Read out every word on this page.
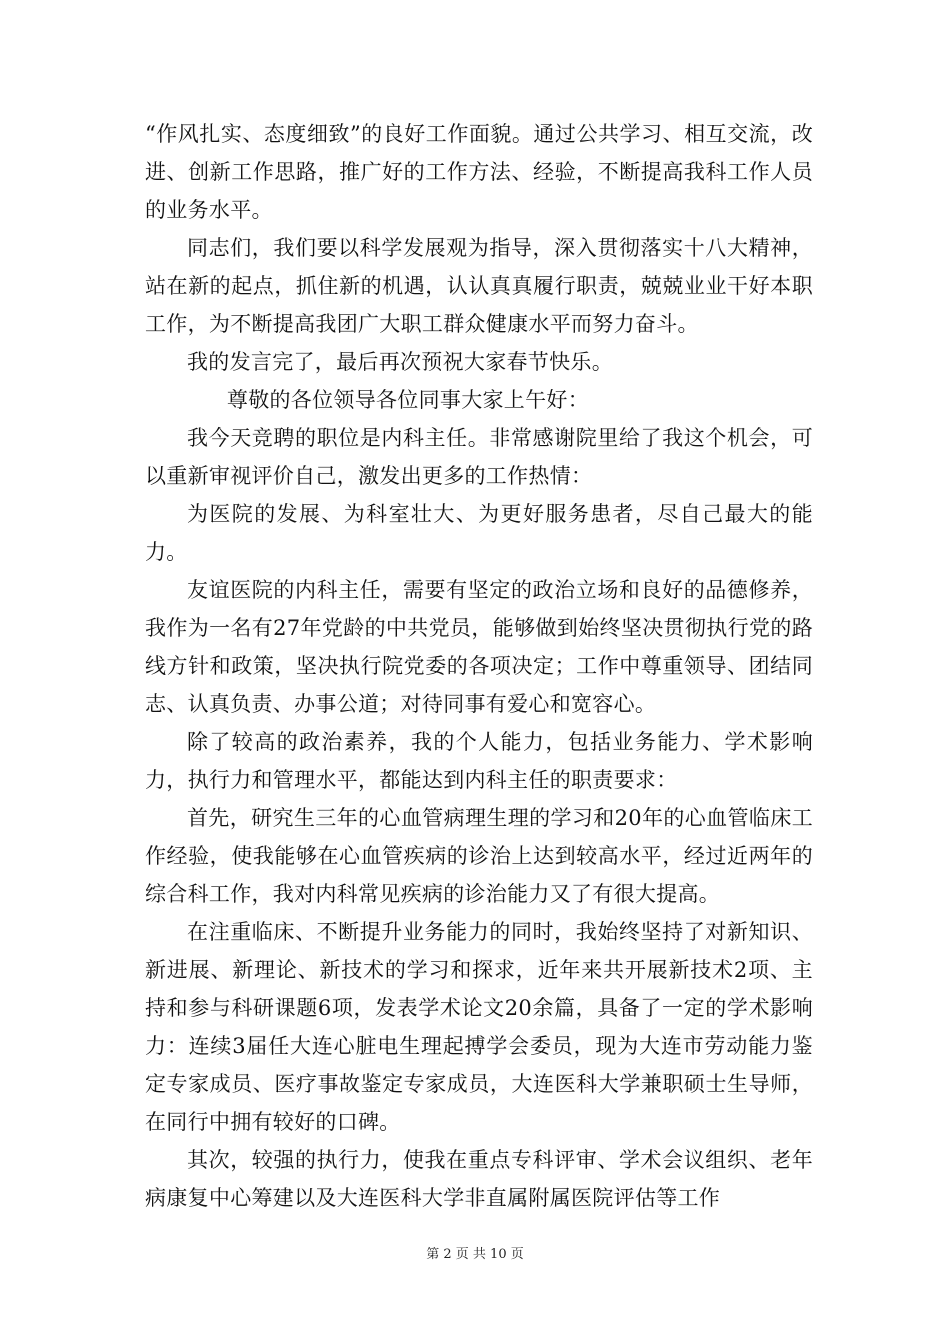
“作风扎实、态度细致”的良好工作面貌。通过公共学习、相互交流，改进、创新工作思路，推广好的工作方法、经验，不断提高我科工作人员的业务水平。

同志们，我们要以科学发展观为指导，深入贯彻落实十八大精神，站在新的起点，抓住新的机遇，认认真真履行职责，兢兢业业干好本职工作，为不断提高我团广大职工群众健康水平而努力奋斗。

我的发言完了，最后再次预祝大家春节快乐。

尊敬的各位领导各位同事大家上午好：

我今天竞聘的职位是内科主任。非常感谢院里给了我这个机会，可以重新审视评价自己，激发出更多的工作热情：

为医院的发展、为科室壮大、为更好服务患者，尽自己最大的能力。

友谊医院的内科主任，需要有坚定的政治立场和良好的品德修养，我作为一名有27年党龄的中共党员，能够做到始终坚决贯彻执行党的路线方针和政策，坚决执行院党委的各项决定；工作中尊重领导、团结同志、认真负责、办事公道；对待同事有爱心和宽容心。

除了较高的政治素养，我的个人能力，包括业务能力、学术影响力，执行力和管理水平，都能达到内科主任的职责要求：

首先，研究生三年的心血管病理生理的学习和20年的心血管临床工作经验，使我能够在心血管疾病的诊治上达到较高水平，经过近两年的综合科工作，我对内科常见疾病的诊治能力又了有很大提高。

在注重临床、不断提升业务能力的同时，我始终坚持了对新知识、新进展、新理论、新技术的学习和探求，近年来共开展新技术2项、主持和参与科研课题6项，发表学术论文20余篇，具备了一定的学术影响力：连续3届任大连心脏电生理起搏学会委员，现为大连市劳动能力鉴定专家成员、医疗事故鉴定专家成员，大连医科大学兼职硕士生导师，在同行中拥有较好的口碑。

其次，较强的执行力，使我在重点专科评审、学术会议组织、老年病康复中心筹建以及大连医科大学非直属附属医院评估等工作

第 2 页 共 10 页
